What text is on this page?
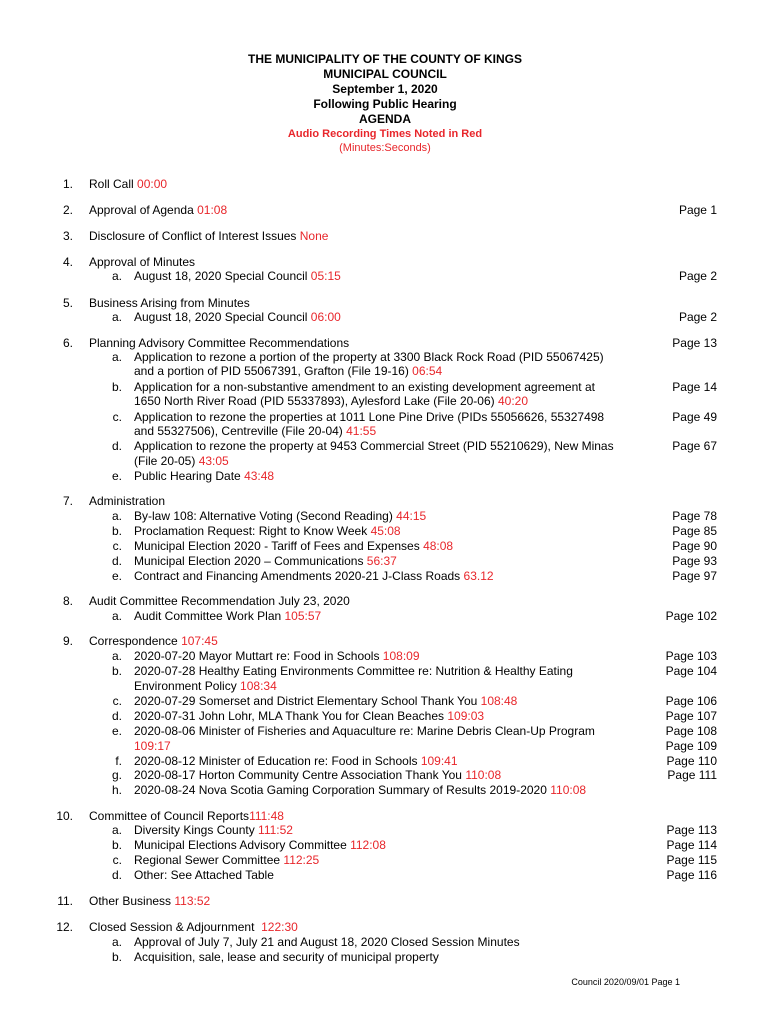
THE MUNICIPALITY OF THE COUNTY OF KINGS
MUNICIPAL COUNCIL
September 1, 2020
Following Public Hearing
AGENDA
Audio Recording Times Noted in Red
(Minutes:Seconds)
1. Roll Call 00:00
2. Approval of Agenda 01:08	Page 1
3. Disclosure of Conflict of Interest Issues None
4. Approval of Minutes
a. August 18, 2020 Special Council 05:15	Page 2
5. Business Arising from Minutes
a. August 18, 2020 Special Council 06:00	Page 2
6. Planning Advisory Committee Recommendations	Page 13
a. Application to rezone a portion of the property at 3300 Black Rock Road (PID 55067425)
and a portion of PID 55067391, Grafton (File 19-16) 06:54
b. Application for a non-substantive amendment to an existing development agreement at	Page 14
1650 North River Road (PID 55337893), Aylesford Lake (File 20-06) 40:20
c. Application to rezone the properties at 1011 Lone Pine Drive (PIDs 55056626, 55327498	Page 49
and 55327506), Centreville (File 20-04) 41:55
d. Application to rezone the property at 9453 Commercial Street (PID 55210629), New Minas	Page 67
(File 20-05) 43:05
e. Public Hearing Date 43:48
7. Administration
a. By-law 108: Alternative Voting (Second Reading) 44:15	Page 78
b. Proclamation Request: Right to Know Week 45:08	Page 85
c. Municipal Election 2020 - Tariff of Fees and Expenses 48:08	Page 90
d. Municipal Election 2020 – Communications 56:37	Page 93
e. Contract and Financing Amendments 2020-21 J-Class Roads 63.12	Page 97
8. Audit Committee Recommendation July 23, 2020
a. Audit Committee Work Plan 105:57	Page 102
9. Correspondence 107:45
a. 2020-07-20 Mayor Muttart re: Food in Schools 108:09	Page 103
b. 2020-07-28 Healthy Eating Environments Committee re: Nutrition & Healthy Eating	Page 104
Environment Policy 108:34
c. 2020-07-29 Somerset and District Elementary School Thank You 108:48	Page 106
d. 2020-07-31 John Lohr, MLA Thank You for Clean Beaches 109:03	Page 107
e. 2020-08-06 Minister of Fisheries and Aquaculture re: Marine Debris Clean-Up Program	Page 108
109:17	Page 109
f. 2020-08-12 Minister of Education re: Food in Schools 109:41	Page 110
g. 2020-08-17 Horton Community Centre Association Thank You 110:08	Page 111
h. 2020-08-24 Nova Scotia Gaming Corporation Summary of Results 2019-2020 110:08
10. Committee of Council Reports111:48
a. Diversity Kings County 111:52	Page 113
b. Municipal Elections Advisory Committee 112:08	Page 114
c. Regional Sewer Committee 112:25	Page 115
d. Other: See Attached Table	Page 116
11. Other Business 113:52
12. Closed Session & Adjournment  122:30
a. Approval of July 7, July 21 and August 18, 2020 Closed Session Minutes
b. Acquisition, sale, lease and security of municipal property
Council 2020/09/01 Page 1
